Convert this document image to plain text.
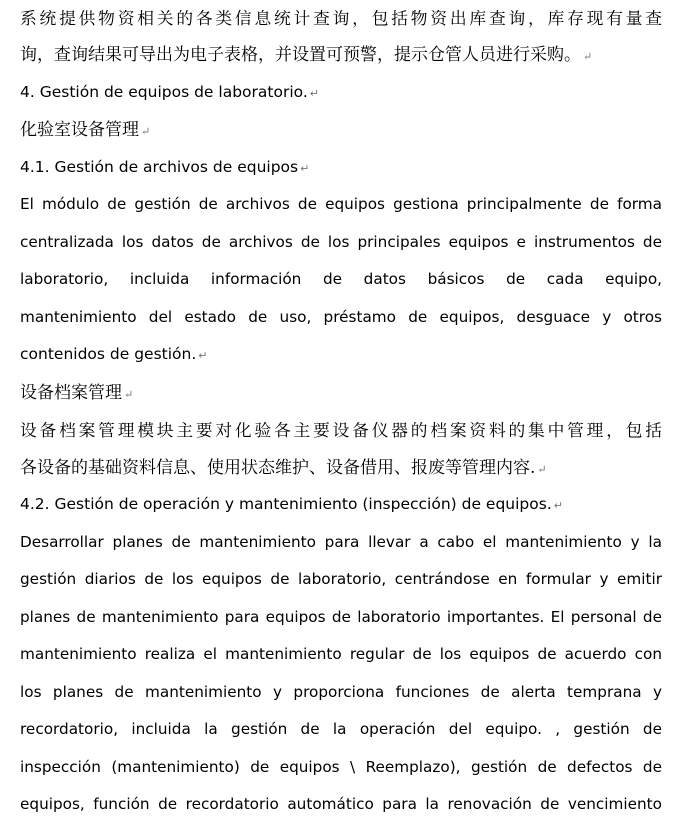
系统提供物资相关的各类信息统计查询，包括物资出库查询，库存现有量查
询，查询结果可导出为电子表格，并设置可预警，提示仓管人员进行采购。 ↵
4. Gestión de equipos de laboratorio. ↵
化验室设备管理 ↵
4.1. Gestión de archivos de equipos ↵
El módulo de gestión de archivos de equipos gestiona principalmente de forma
centralizada los datos de archivos de los principales equipos e instrumentos de
laboratorio, incluida información de datos básicos de cada equipo,
mantenimiento del estado de uso, préstamo de equipos, desguace y otros
contenidos de gestión. ↵
设备档案管理 ↵
设备档案管理模块主要对化验各主要设备仪器的档案资料的集中管理，包括
各设备的基础资料信息、使用状态维护、设备借用、报废等管理内容. ↵
4.2. Gestión de operación y mantenimiento (inspección) de equipos. ↵
Desarrollar planes de mantenimiento para llevar a cabo el mantenimiento y la
gestión diarios de los equipos de laboratorio, centrándose en formular y emitir
planes de mantenimiento para equipos de laboratorio importantes. El personal de
mantenimiento realiza el mantenimiento regular de los equipos de acuerdo con
los planes de mantenimiento y proporciona funciones de alerta temprana y
recordatorio, incluida la gestión de la operación del equipo. , gestión de
inspección (mantenimiento) de equipos \ Reemplazo), gestión de defectos de
equipos, función de recordatorio automático para la renovación de vencimiento
